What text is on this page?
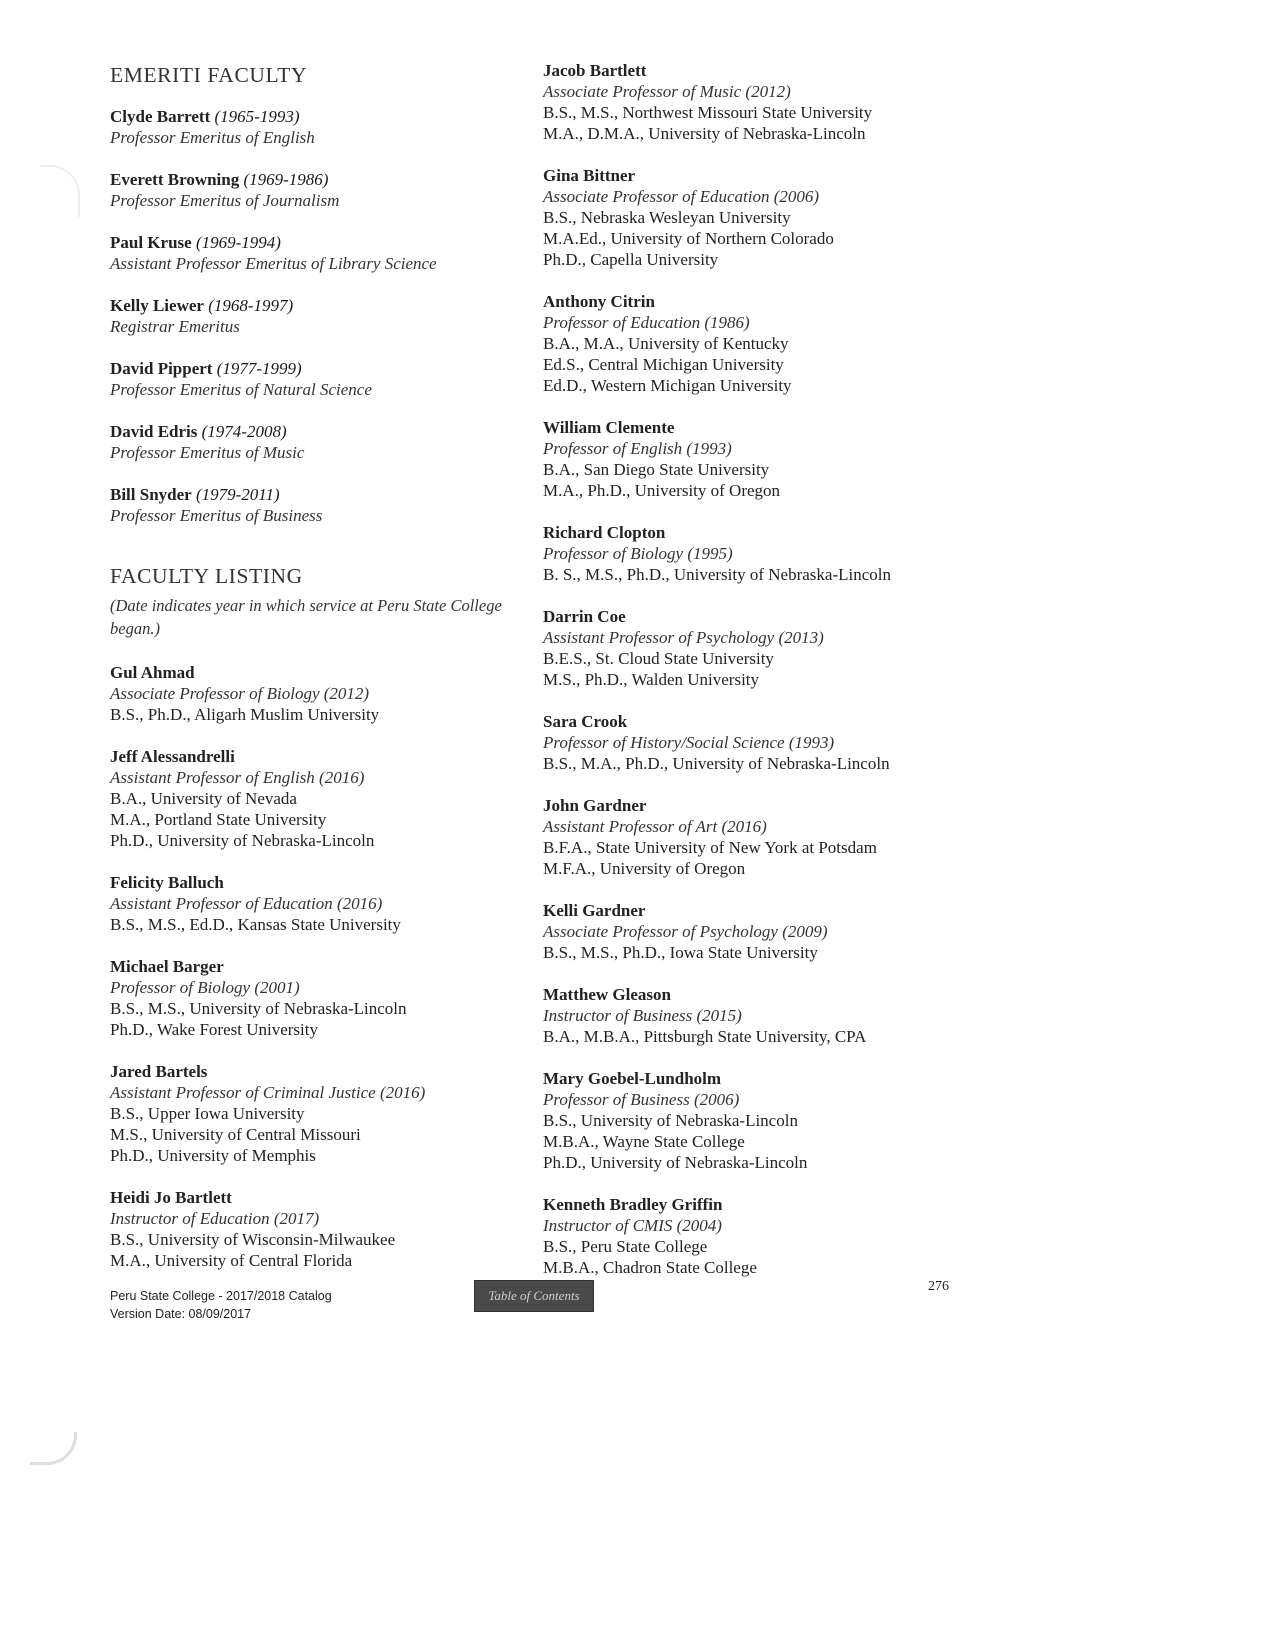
EMERITI FACULTY
Clyde Barrett (1965-1993)
Professor Emeritus of English
Everett Browning (1969-1986)
Professor Emeritus of Journalism
Paul Kruse (1969-1994)
Assistant Professor Emeritus of Library Science
Kelly Liewer (1968-1997)
Registrar Emeritus
David Pippert (1977-1999)
Professor Emeritus of Natural Science
David Edris (1974-2008)
Professor Emeritus of Music
Bill Snyder (1979-2011)
Professor Emeritus of Business
FACULTY LISTING
(Date indicates year in which service at Peru State College began.)
Gul Ahmad
Associate Professor of Biology (2012)
B.S., Ph.D., Aligarh Muslim University
Jeff Alessandrelli
Assistant Professor of English (2016)
B.A., University of Nevada
M.A., Portland State University
Ph.D., University of Nebraska-Lincoln
Felicity Balluch
Assistant Professor of Education (2016)
B.S., M.S., Ed.D., Kansas State University
Michael Barger
Professor of Biology (2001)
B.S., M.S., University of Nebraska-Lincoln
Ph.D., Wake Forest University
Jared Bartels
Assistant Professor of Criminal Justice (2016)
B.S., Upper Iowa University
M.S., University of Central Missouri
Ph.D., University of Memphis
Heidi Jo Bartlett
Instructor of Education (2017)
B.S., University of Wisconsin-Milwaukee
M.A., University of Central Florida
Jacob Bartlett
Associate Professor of Music (2012)
B.S., M.S., Northwest Missouri State University
M.A., D.M.A., University of Nebraska-Lincoln
Gina Bittner
Associate Professor of Education (2006)
B.S., Nebraska Wesleyan University
M.A.Ed., University of Northern Colorado
Ph.D., Capella University
Anthony Citrin
Professor of Education (1986)
B.A., M.A., University of Kentucky
Ed.S., Central Michigan University
Ed.D., Western Michigan University
William Clemente
Professor of English (1993)
B.A., San Diego State University
M.A., Ph.D., University of Oregon
Richard Clopton
Professor of Biology (1995)
B. S., M.S., Ph.D., University of Nebraska-Lincoln
Darrin Coe
Assistant Professor of Psychology (2013)
B.E.S., St. Cloud State University
M.S., Ph.D., Walden University
Sara Crook
Professor of History/Social Science (1993)
B.S., M.A., Ph.D., University of Nebraska-Lincoln
John Gardner
Assistant Professor of Art (2016)
B.F.A., State University of New York at Potsdam
M.F.A., University of Oregon
Kelli Gardner
Associate Professor of Psychology (2009)
B.S., M.S., Ph.D., Iowa State University
Matthew Gleason
Instructor of Business (2015)
B.A., M.B.A., Pittsburgh State University, CPA
Mary Goebel-Lundholm
Professor of Business (2006)
B.S., University of Nebraska-Lincoln
M.B.A., Wayne State College
Ph.D., University of Nebraska-Lincoln
Kenneth Bradley Griffin
Instructor of CMIS (2004)
B.S., Peru State College
M.B.A., Chadron State College
Peru State College - 2017/2018 Catalog
Version Date: 08/09/2017
Table of Contents
276
